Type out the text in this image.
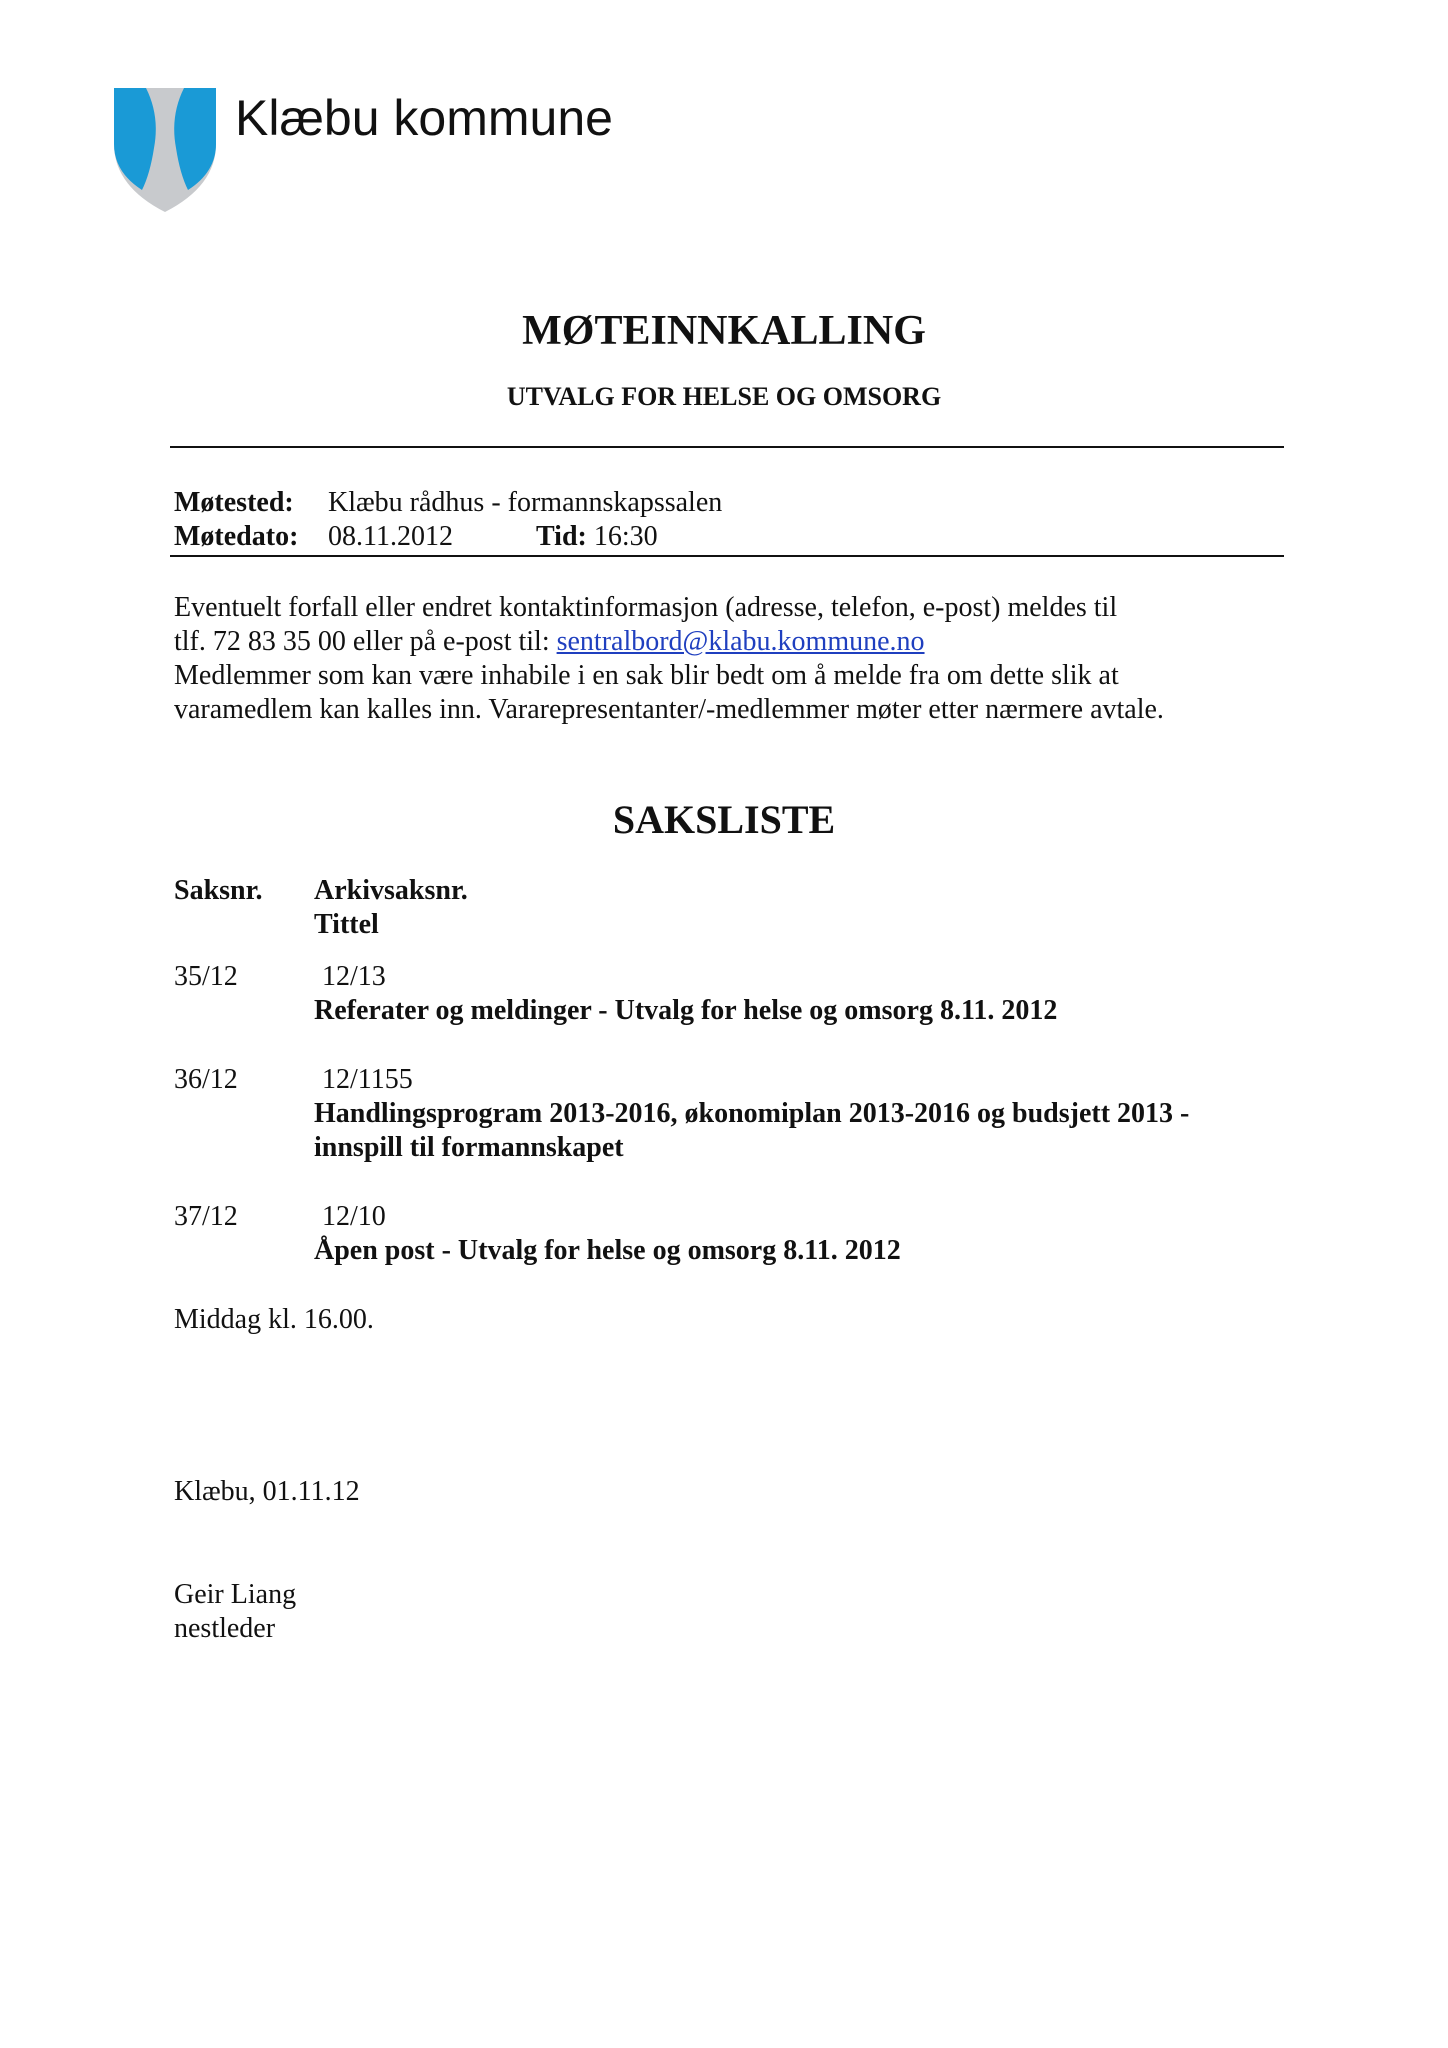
Klæbu kommune
MØTEINNKALLING
UTVALG FOR HELSE OG OMSORG
Møtested: Klæbu rådhus - formannskapssalen
Møtedato: 08.11.2012	Tid: 16:30
Eventuelt forfall eller endret kontaktinformasjon (adresse, telefon, e-post) meldes til
tlf. 72 83 35 00 eller på e-post til: sentralbord@klabu.kommune.no
Medlemmer som kan være inhabile i en sak blir bedt om å melde fra om dette slik at
varamedlem kan kalles inn. Vararepresentanter/-medlemmer møter etter nærmere avtale.
SAKSLISTE
Saksnr. Arkivsaksnr.
Tittel
35/12	12/13
Referater og meldinger - Utvalg for helse og omsorg 8.11. 2012
36/12	12/1155
Handlingsprogram 2013-2016, økonomiplan 2013-2016 og budsjett 2013 -
innspill til formannskapet
37/12	12/10
Åpen post - Utvalg for helse og omsorg 8.11. 2012
Middag kl. 16.00.
Klæbu, 01.11.12
Geir Liang
nestleder
